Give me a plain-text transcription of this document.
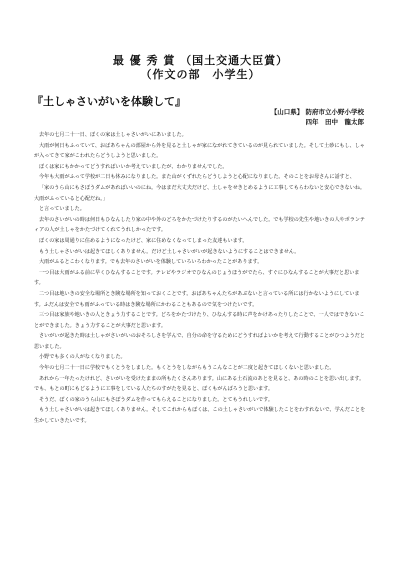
最 優 秀 賞 （国土交通大臣賞）
（作文の部　小学生）
『土しゃさいがいを体験して』
【山口県】 防府市立小野小学校
四年　田中　龍太郎

去年の七月二十一日、ぼくの家は土しゃさいがいにあいました。

大雨が何日もふっていて、おばあちゃんの部屋から外を見ると土しゃが家にながれてきているのが見られていました。そして土砂にもし、しゃが入ってきて家がこわれたらどうしようと思いました。

ぼくは家にもかかってどうすればいいか考えていましたが、わかりませんでした。

今年も大雨がふって学校が二日も休みになりました。また山がくずれたらどうしようと心配になりました。そのことをお母さんに話すと、

「家のうら山にもさぼうダムがあればいいのにね。今はまだ大丈夫だけど、土しゃをせきとめるように工事してもらわないと安心できないね。大雨がふっていると心配だね。」

と言っていました。

去年のさいがいの時は何日もひなんしたり家の中や外のどろをかたづけたりするのがたいへんでした。でも学校の先生や地いきの人やボランティアの人が土しゃをかたづけてくれてうれしかったです。

ぼくの家は周通りに住めるようになったけど、家に住めなくなってしまった友達もいます。

もう土しゃさいがいは起きてほしくありません。だけど土しゃさいがいが起きないようにすることはできません。

大雨がふるとこわくなります。でも去年のさいがいを体験していろいろわかったことがあります。

一つ目は大雨がふる前に早くひなんすることです。テレビやラジオでひなんのじょうほうがでたら、すぐにひなんすることが大事だと思います。

二つ目は地いきの安全な場所とき険な場所を知っておくことです。おばあちゃんたちがあぶないと言っている所には行かないようにしています。ふだんは安全でも雨がふっている時はき険な場所にかわることもあるので気をつけたいです。

三つ目は家族や地いきの人ときょう力することです。どろをかたづけたり、ひなんする時に声をかけあったりしたことで、一人ではできないことができました。きょう力することが大事だと思います。

さいがいが起きた時は土しゃがさいがいのおそろしさを学んで、自分の命を守るためにどうすればよいかを考えて行動することがひつようだと思いました。

小野でも多くの人がなくなりました。

今年の七月二十一日に学校でもくとうをしました。もくとうをしながらもうこんなことが二度と起きてほしくないと思いました。

あれから一年たったけれど、さいがいを受けたままの所もたくさんあります。山にある土石流のあとを見ると、あの時のことを思い出します。でも、もとの町にもどるように工事をしている人たちのすがたを見ると、ぼくもがんばろうと思います。

そうだ、ぼくの家のうら山にもさぼうダムを作ってもらえることになりました。とてもうれしいです。

もう土しゃさいがいは起きてほしくありません。そしてこれからもぼくは、この土しゃさいがいで体験したことをわすれないで、学んだことを生かしていきたいです。
